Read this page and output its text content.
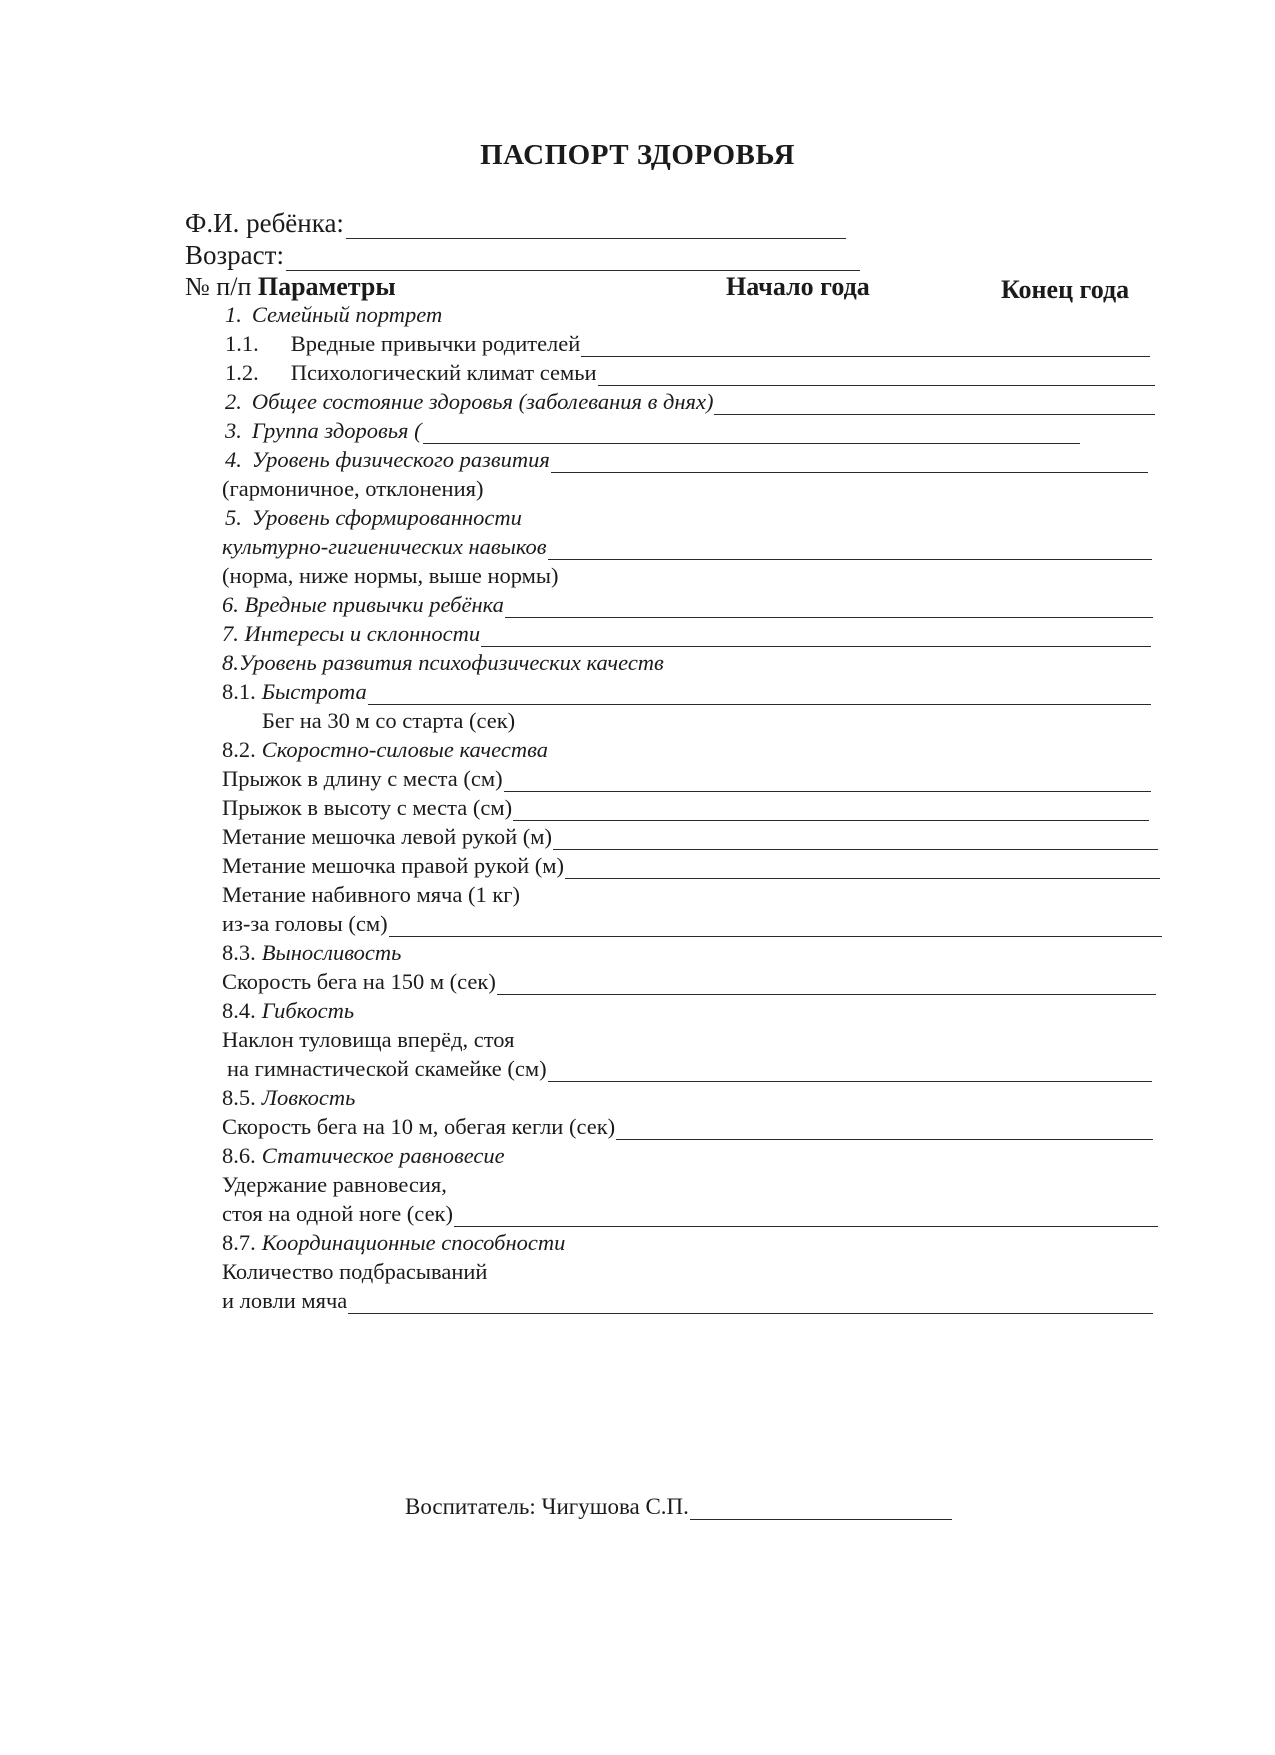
ПАСПОРТ ЗДОРОВЬЯ
Ф.И. ребёнка:
Возраст:
№ п/п Параметры	Начало года	Конец года
1. Семейный портрет
1.1. Вредные привычки родителей
1.2. Психологический климат семьи
2. Общее состояние здоровья (заболевания в днях)
3. Группа здоровья (
4. Уровень физического развития
(гармоничное, отклонения)
5. Уровень сформированности
культурно-гигиенических навыков
(норма, ниже нормы, выше нормы)
6. Вредные привычки ребёнка
7. Интересы и склонности
8.Уровень развития психофизических качеств
8.1. Быстрота
Бег на 30 м со старта (сек)
8.2. Скоростно-силовые качества
Прыжок в длину с места (см)
Прыжок в высоту с места (см)
Метание мешочка левой рукой (м)
Метание мешочка правой рукой (м)
Метание набивного мяча (1 кг)
из-за головы (см)
8.3. Выносливость
Скорость бега на 150 м (сек)
8.4. Гибкость
Наклон туловища вперёд, стоя
на гимнастической скамейке (см)
8.5. Ловкость
Скорость бега на 10 м, обегая кегли (сек)
8.6. Статическое равновесие
Удержание равновесия,
стоя на одной ноге (сек)
8.7. Координационные способности
Количество подбрасываний
и ловли мяча
Воспитатель: Чигушова С.П.
